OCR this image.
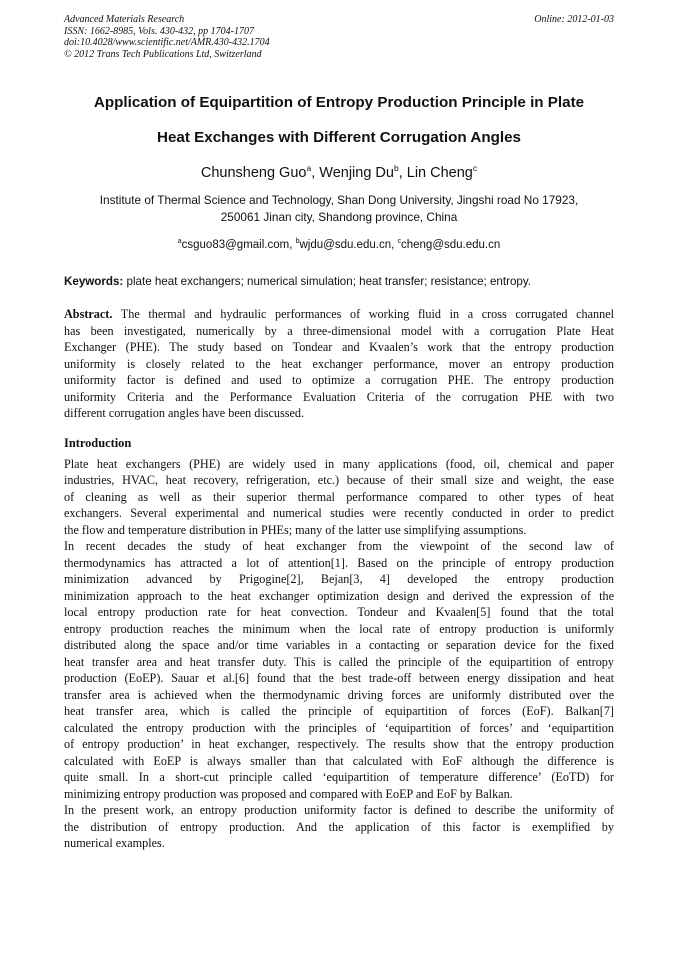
Advanced Materials Research
ISSN: 1662-8985, Vols. 430-432, pp 1704-1707
doi:10.4028/www.scientific.net/AMR.430-432.1704
© 2012 Trans Tech Publications Ltd, Switzerland
Online: 2012-01-03
Application of Equipartition of Entropy Production Principle in Plate
Heat Exchanges with Different Corrugation Angles
Chunsheng Guo$^a$, Wenjing Du$^b$, Lin Cheng$^c$
Institute of Thermal Science and Technology, Shan Dong University, Jingshi road No 17923,
250061 Jinan city, Shandong province, China
$^a$csguo83@gmail.com, $^b$wjdu@sdu.edu.cn, $^c$cheng@sdu.edu.cn
Keywords: plate heat exchangers; numerical simulation; heat transfer; resistance; entropy.
Abstract. The thermal and hydraulic performances of working fluid in a cross corrugated channel
has been investigated, numerically by a three-dimensional model with a corrugation Plate Heat
Exchanger (PHE). The study based on Tondear and Kvaalen’s work that the entropy production
uniformity is closely related to the heat exchanger performance, mover an entropy production
uniformity factor is defined and used to optimize a corrugation PHE. The entropy production
uniformity Criteria and the Performance Evaluation Criteria of the corrugation PHE with two
different corrugation angles have been discussed.
Introduction
Plate heat exchangers (PHE) are widely used in many applications (food, oil, chemical and paper
industries, HVAC, heat recovery, refrigeration, etc.) because of their small size and weight, the ease
of cleaning as well as their superior thermal performance compared to other types of heat
exchangers. Several experimental and numerical studies were recently conducted in order to predict
the flow and temperature distribution in PHEs; many of the latter use simplifying assumptions.
In recent decades the study of heat exchanger from the viewpoint of the second law of
thermodynamics has attracted a lot of attention[1]. Based on the principle of entropy production
minimization advanced by Prigogine[2], Bejan[3, 4] developed the entropy production
minimization approach to the heat exchanger optimization design and derived the expression of the
local entropy production rate for heat convection. Tondeur and Kvaalen[5] found that the total
entropy production reaches the minimum when the local rate of entropy production is uniformly
distributed along the space and/or time variables in a contacting or separation device for the fixed
heat transfer area and heat transfer duty. This is called the principle of the equipartition of entropy
production (EoEP). Sauar et al.[6] found that the best trade-off between energy dissipation and heat
transfer area is achieved when the thermodynamic driving forces are uniformly distributed over the
heat transfer area, which is called the principle of equipartition of forces (EoF). Balkan[7]
calculated the entropy production with the principles of ‘equipartition of forces’ and ‘equipartition
of entropy production’ in heat exchanger, respectively. The results show that the entropy production
calculated with EoEP is always smaller than that calculated with EoF although the difference is
quite small. In a short-cut principle called ‘equipartition of temperature difference’ (EoTD) for
minimizing entropy production was proposed and compared with EoEP and EoF by Balkan.
In the present work, an entropy production uniformity factor is defined to describe the uniformity of
the distribution of entropy production. And the application of this factor is exemplified by
numerical examples.
